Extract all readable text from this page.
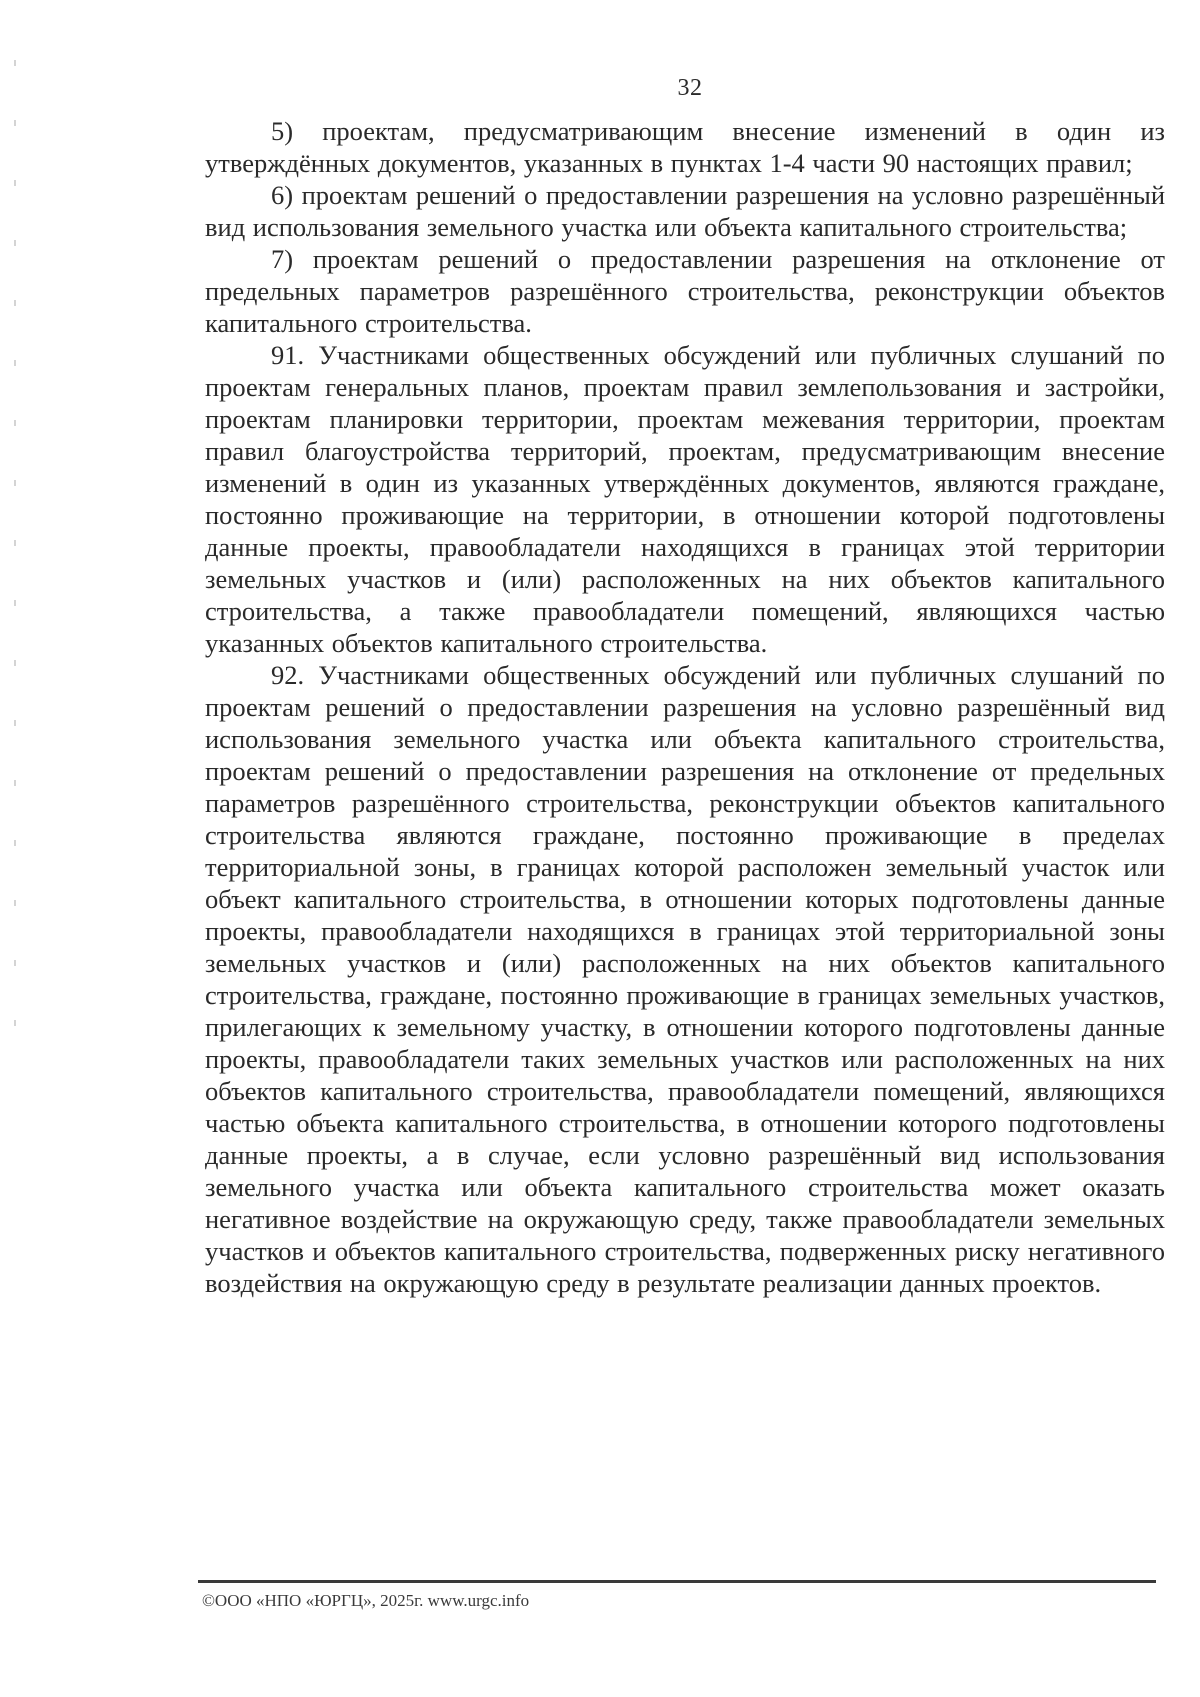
32

5) проектам, предусматривающим внесение изменений в один из утверждённых документов, указанных в пунктах 1-4 части 90 настоящих правил;

6) проектам решений о предоставлении разрешения на условно разрешённый вид использования земельного участка или объекта капитального строительства;

7) проектам решений о предоставлении разрешения на отклонение от предельных параметров разрешённого строительства, реконструкции объектов капитального строительства.

91. Участниками общественных обсуждений или публичных слушаний по проектам генеральных планов, проектам правил землепользования и застройки, проектам планировки территории, проектам межевания территории, проектам правил благоустройства территорий, проектам, предусматривающим внесение изменений в один из указанных утверждённых документов, являются граждане, постоянно проживающие на территории, в отношении которой подготовлены данные проекты, правообладатели находящихся в границах этой территории земельных участков и (или) расположенных на них объектов капитального строительства, а также правообладатели помещений, являющихся частью указанных объектов капитального строительства.

92. Участниками общественных обсуждений или публичных слушаний по проектам решений о предоставлении разрешения на условно разрешённый вид использования земельного участка или объекта капитального строительства, проектам решений о предоставлении разрешения на отклонение от предельных параметров разрешённого строительства, реконструкции объектов капитального строительства являются граждане, постоянно проживающие в пределах территориальной зоны, в границах которой расположен земельный участок или объект капитального строительства, в отношении которых подготовлены данные проекты, правообладатели находящихся в границах этой территориальной зоны земельных участков и (или) расположенных на них объектов капитального строительства, граждане, постоянно проживающие в границах земельных участков, прилегающих к земельному участку, в отношении которого подготовлены данные проекты, правообладатели таких земельных участков или расположенных на них объектов капитального строительства, правообладатели помещений, являющихся частью объекта капитального строительства, в отношении которого подготовлены данные проекты, а в случае, если условно разрешённый вид использования земельного участка или объекта капитального строительства может оказать негативное воздействие на окружающую среду, также правообладатели земельных участков и объектов капитального строительства, подверженных риску негативного воздействия на окружающую среду в результате реализации данных проектов.

©ООО «НПО «ЮРГЦ», 2025г. www.urgc.info
